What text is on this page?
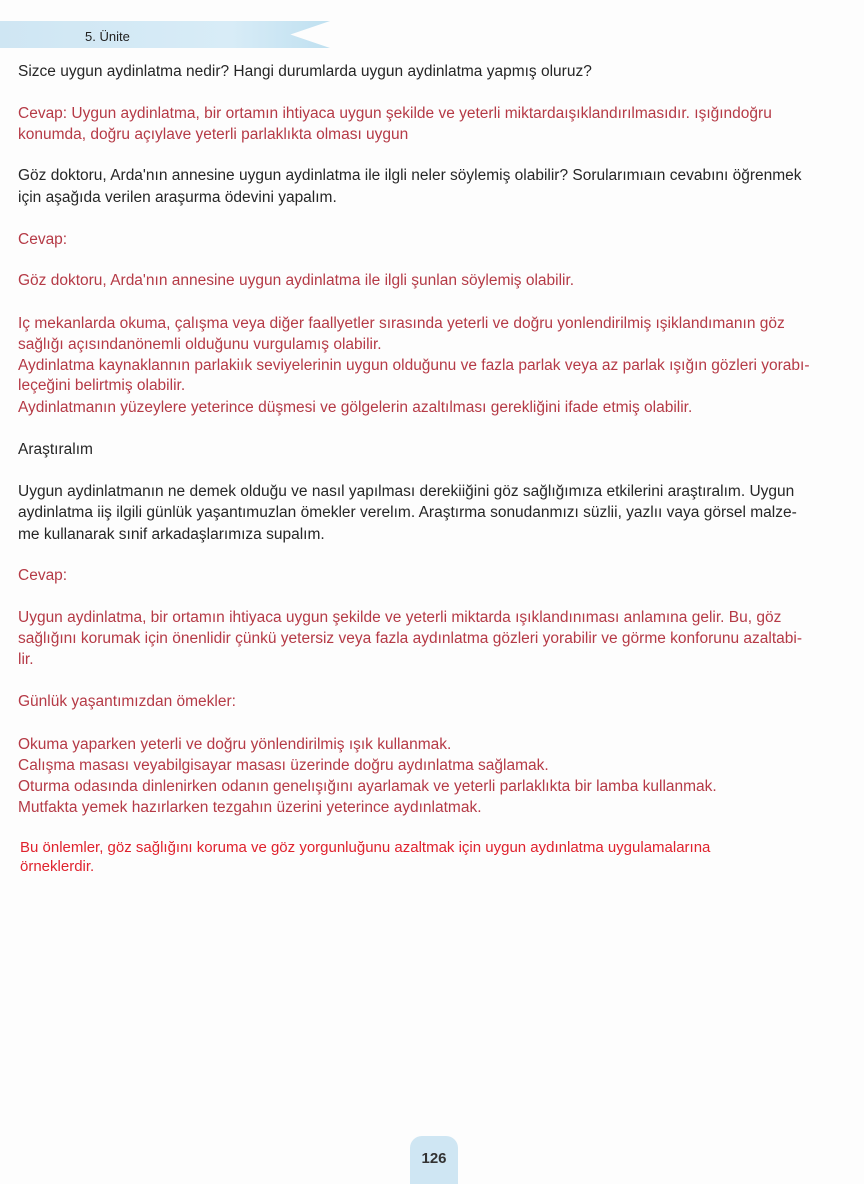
5. Ünite
Sizce uygun aydinlatma nedir? Hangi durumlarda uygun aydinlatma yapmış oluruz?
Cevap: Uygun aydinlatma, bir ortamın ihtiyaca uygun şekilde ve yeterli miktardaışıklandırılmasıdır. ışığındoğru
konumda, doğru açıylave yeterli parlaklıkta olması uygun
Göz doktoru, Arda'nın annesine uygun aydinlatma ile ilgli neler söylemiş olabilir? Sorularımıaın cevabını öğrenmek
için aşağıda verilen araşurma ödevini yapalım.
Cevap:
Göz doktoru, Arda'nın annesine uygun aydinlatma ile ilgli şunlan söylemiş olabilir.
Iç mekanlarda okuma, çalışma veya diğer faallyetler sırasında yeterli ve doğru yonlendirilmiş ışiklandımanın göz
sağlığı açısındanönemli olduğunu vurgulamış olabilir.
Aydinlatma kaynaklannın parlakiık seviyelerinin uygun olduğunu ve fazla parlak veya az parlak ışığın gözleri yorabı-
leçeğini belirtmiş olabilir.
Aydinlatmanın yüzeylere yeterince düşmesi ve gölgelerin azaltılması gerekliğini ifade etmiş olabilir.
Araştıralım
Uygun aydinlatmanın ne demek olduğu ve nasıl yapılması derekiiğini göz sağlığımıza etkilerini araştıralım. Uygun
aydinlatma iiş ilgili günlük yaşantımuzlan ömekler verelım. Araştırma sonudanmızı süzlii, yazlıı vaya görsel malze-
me kullanarak sınif arkadaşlarımıza supalım.
Cevap:
Uygun aydinlatma, bir ortamın ihtiyaca uygun şekilde ve yeterli miktarda ışıklandınıması anlamına gelir. Bu, göz
sağlığını korumak için önenlidir çünkü yetersiz veya fazla aydınlatma gözleri yorabilir ve görme konforunu azaltabi-
lir.
Günlük yaşantımızdan ömekler:
Okuma yaparken yeterli ve doğru yönlendirilmiş ışık kullanmak.
Calışma masası veyabilgisayar masası üzerinde doğru aydınlatma sağlamak.
Oturma odasında dinlenirken odanın genelışığını ayarlamak ve yeterli parlaklıkta bir lamba kullanmak.
Mutfakta yemek hazırlarken tezgahın üzerini yeterince aydınlatmak.
Bu önlemler, göz sağlığını koruma ve göz yorgunluğunu azaltmak için uygun aydınlatma uygulamalarına
örneklerdir.
126
